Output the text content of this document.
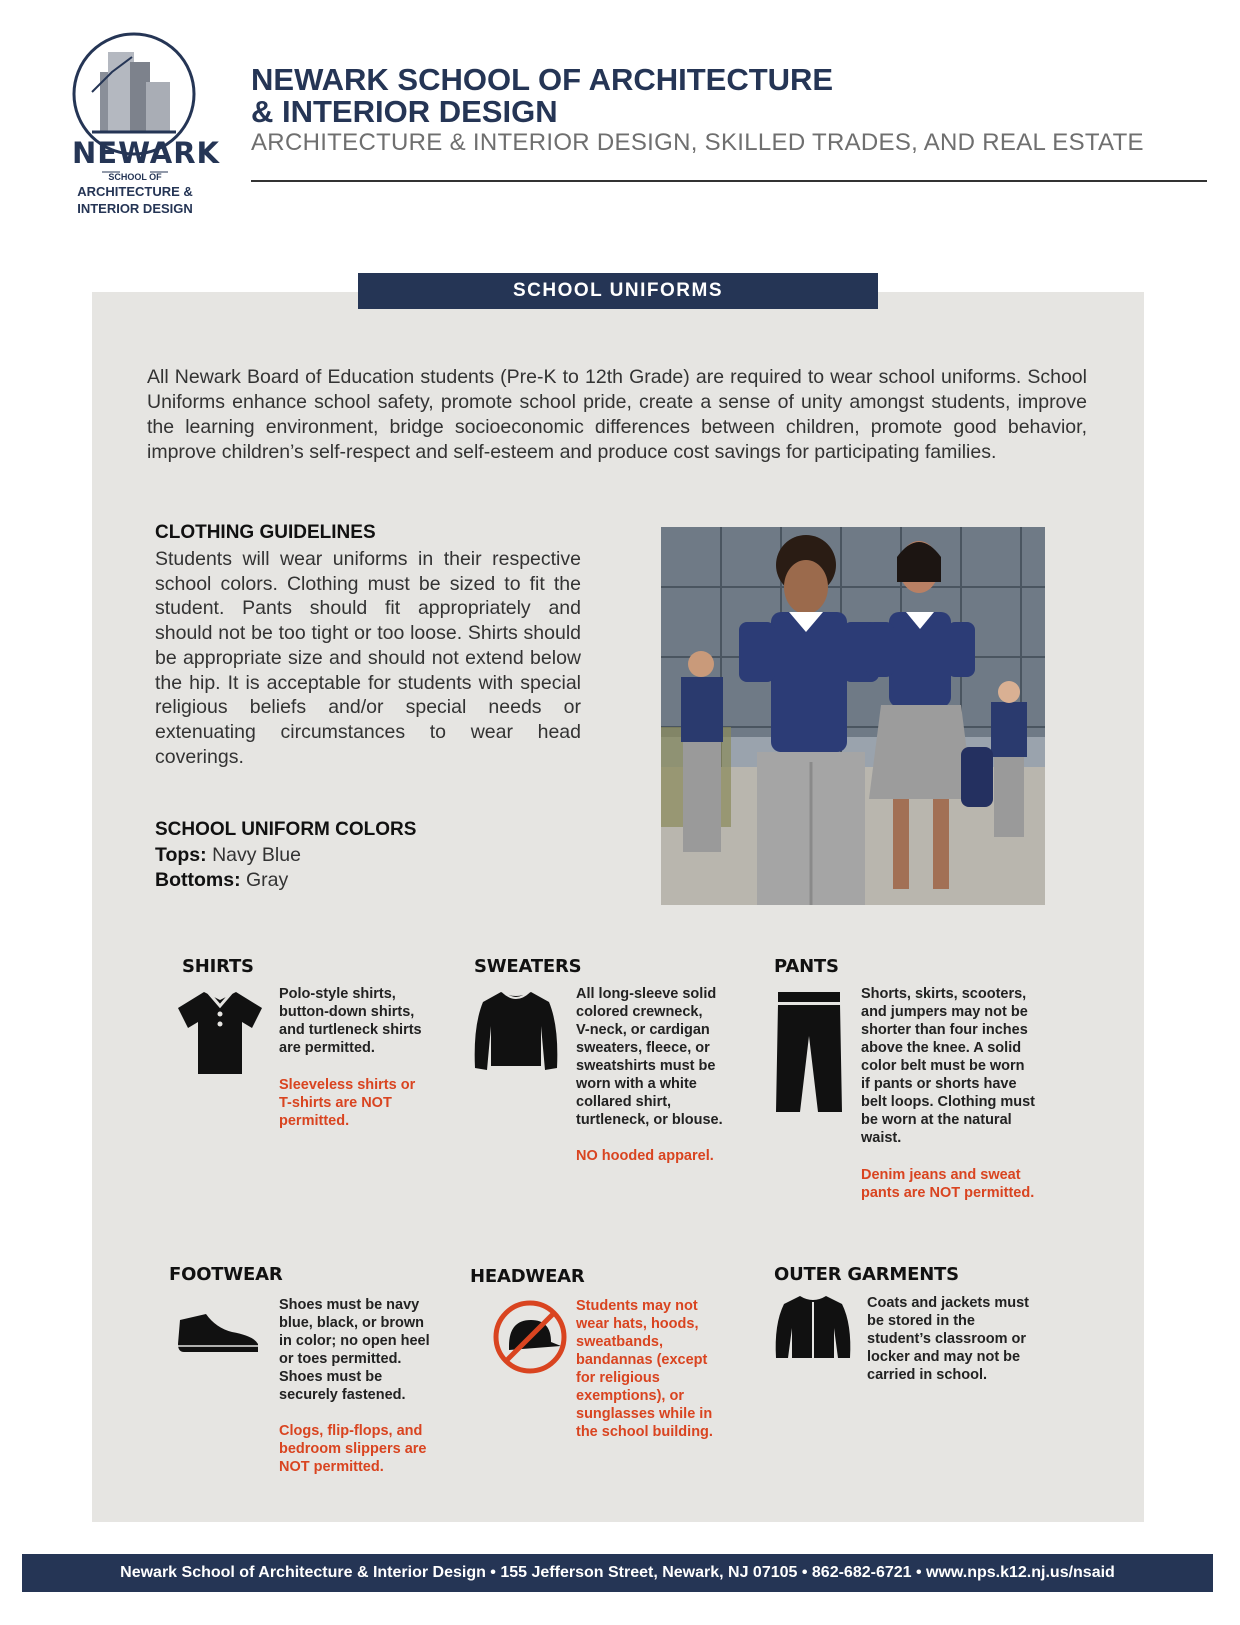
NEWARK
SCHOOL OF
ARCHITECTURE &
INTERIOR DESIGN
NEWARK SCHOOL OF ARCHITECTURE
& INTERIOR DESIGN
ARCHITECTURE & INTERIOR DESIGN, SKILLED TRADES, AND REAL ESTATE
SCHOOL UNIFORMS
All Newark Board of Education students (Pre-K to 12th Grade) are required to wear school uniforms. School Uniforms enhance school safety, promote school pride, create a sense of unity amongst students, improve the learning environment, bridge socioeconomic differences between children, promote good behavior, improve children’s self-respect and self-esteem and produce cost savings for participating families.
CLOTHING GUIDELINES
Students will wear uniforms in their respective school colors. Clothing must be sized to fit the student. Pants should fit appropriately and should not be too tight or too loose. Shirts should be appropriate size and should not extend below the hip. It is acceptable for students with special religious beliefs and/or special needs or extenuating circumstances to wear head coverings.
SCHOOL UNIFORM COLORS
Tops: Navy Blue
Bottoms: Gray
SHIRTS
Polo-style shirts,
button-down shirts,
and turtleneck shirts
are permitted.
Sleeveless shirts or
T-shirts are NOT
permitted.
SWEATERS
All long-sleeve solid
colored crewneck,
V-neck, or cardigan
sweaters, fleece, or
sweatshirts must be
worn with a white
collared shirt,
turtleneck, or blouse.
NO hooded apparel.
PANTS
Shorts, skirts, scooters,
and jumpers may not be
shorter than four inches
above the knee. A solid
color belt must be worn
if pants or shorts have
belt loops. Clothing must
be worn at the natural
waist.
Denim jeans and sweat
pants are NOT permitted.
FOOTWEAR
Shoes must be navy
blue, black, or brown
in color; no open heel
or toes permitted.
Shoes must be
securely fastened.
Clogs, flip-flops, and
bedroom slippers are
NOT permitted.
HEADWEAR
Students may not
wear hats, hoods,
sweatbands,
bandannas (except
for religious
exemptions), or
sunglasses while in
the school building.
OUTER GARMENTS
Coats and jackets must
be stored in the
student’s classroom or
locker and may not be
carried in school.
Newark School of Architecture & Interior Design • 155 Jefferson Street, Newark, NJ 07105 • 862-682-6721 • www.nps.k12.nj.us/nsaid
